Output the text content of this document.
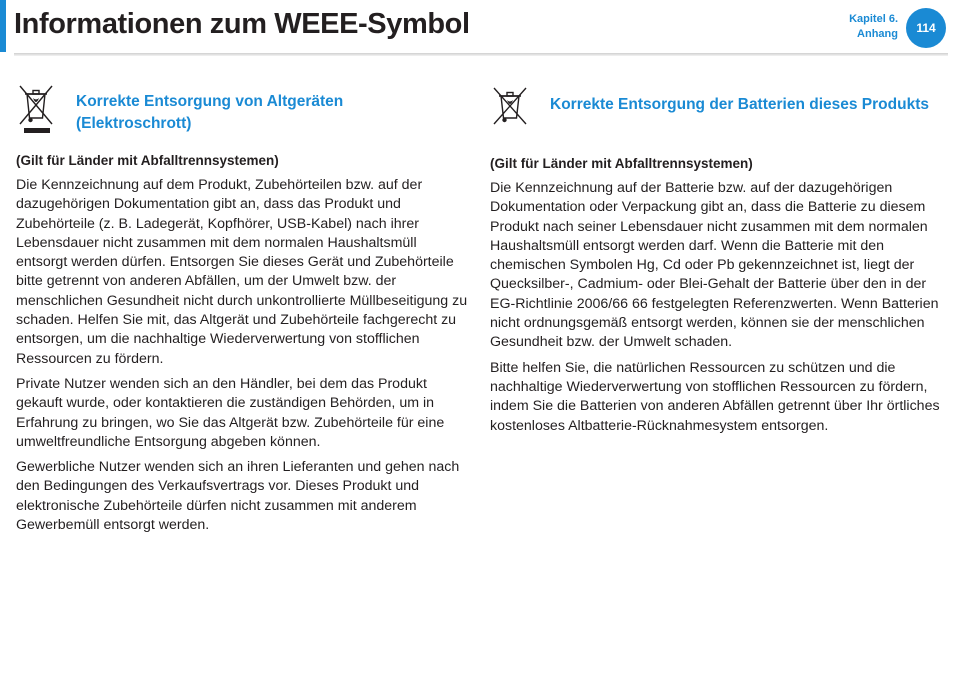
Informationen zum WEEE-Symbol	Kapitel 6.
Anhang	114
Korrekte Entsorgung von Altgeräten (Elektroschrott)

(Gilt für Länder mit Abfalltrennsystemen)

Die Kennzeichnung auf dem Produkt, Zubehörteilen bzw. auf der dazugehörigen Dokumentation gibt an, dass das Produkt und Zubehörteile (z. B. Ladegerät, Kopfhörer, USB-Kabel) nach ihrer Lebensdauer nicht zusammen mit dem normalen Haushaltsmüll entsorgt werden dürfen. Entsorgen Sie dieses Gerät und Zubehörteile bitte getrennt von anderen Abfällen, um der Umwelt bzw. der menschlichen Gesundheit nicht durch unkontrollierte Müllbeseitigung zu schaden. Helfen Sie mit, das Altgerät und Zubehörteile fachgerecht zu entsorgen, um die nachhaltige Wiederverwertung von stofflichen Ressourcen zu fördern.

Private Nutzer wenden sich an den Händler, bei dem das Produkt gekauft wurde, oder kontaktieren die zuständigen Behörden, um in Erfahrung zu bringen, wo Sie das Altgerät bzw. Zubehörteile für eine umweltfreundliche Entsorgung abgeben können.

Gewerbliche Nutzer wenden sich an ihren Lieferanten und gehen nach den Bedingungen des Verkaufsvertrags vor. Dieses Produkt und elektronische Zubehörteile dürfen nicht zusammen mit anderem Gewerbemüll entsorgt werden.

Korrekte Entsorgung der Batterien dieses Produkts

(Gilt für Länder mit Abfalltrennsystemen)

Die Kennzeichnung auf der Batterie bzw. auf der dazugehörigen Dokumentation oder Verpackung gibt an, dass die Batterie zu diesem Produkt nach seiner Lebensdauer nicht zusammen mit dem normalen Haushaltsmüll entsorgt werden darf. Wenn die Batterie mit den chemischen Symbolen Hg, Cd oder Pb gekennzeichnet ist, liegt der Quecksilber-, Cadmium- oder Blei-Gehalt der Batterie über den in der EG-Richtlinie 2006/66 66 festgelegten Referenzwerten. Wenn Batterien nicht ordnungsgemäß entsorgt werden, können sie der menschlichen Gesundheit bzw. der Umwelt schaden.

Bitte helfen Sie, die natürlichen Ressourcen zu schützen und die nachhaltige Wiederverwertung von stofflichen Ressourcen zu fördern, indem Sie die Batterien von anderen Abfällen getrennt über Ihr örtliches kostenloses Altbatterie-Rücknahmesystem entsorgen.
